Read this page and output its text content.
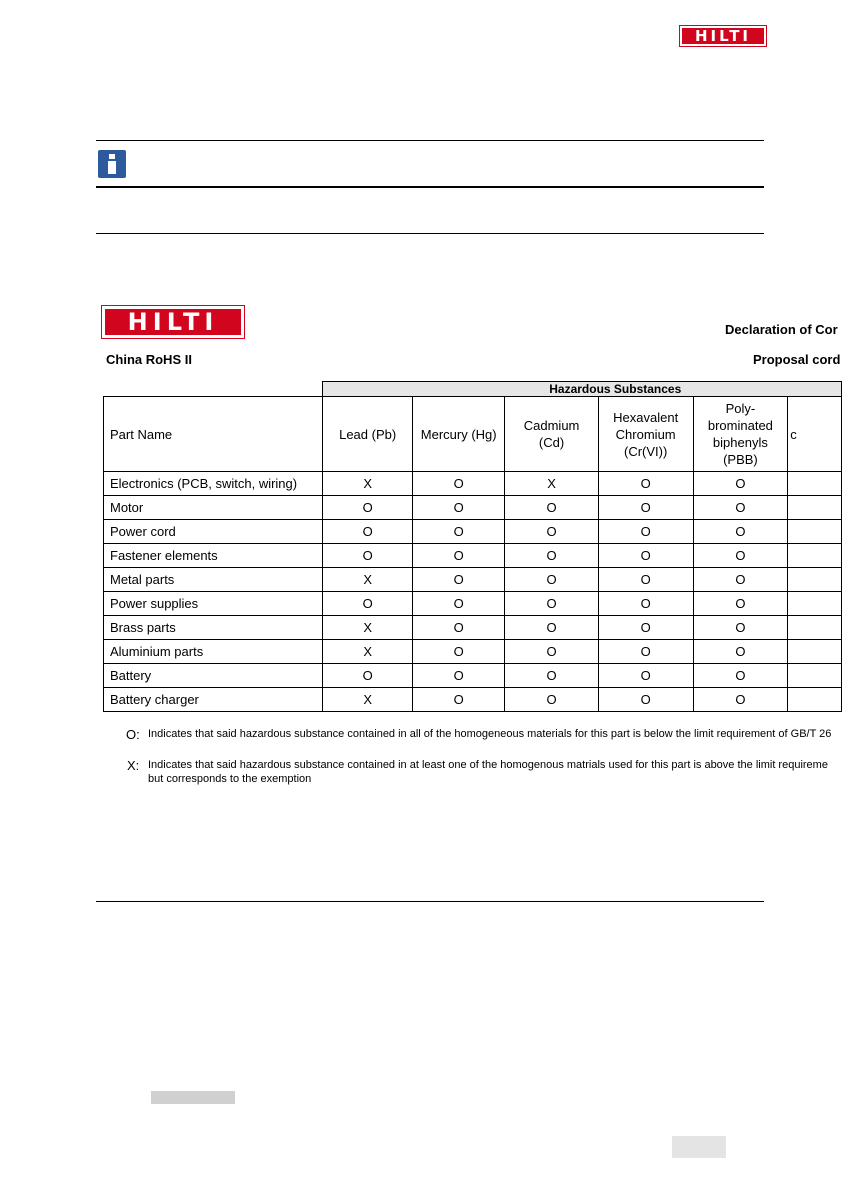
HILTI
HILTI	Declaration of Cor
China RoHS II	Proposal cord
	Hazardous Substances					
Part Name	Lead (Pb)	Mercury (Hg)	Cadmium (Cd)	Hexavalent Chromium (Cr(VI))	Poly-brominated biphenyls (PBB)	c
Electronics (PCB, switch, wiring)	X	O	X	O	O	
Motor	O	O	O	O	O	
Power cord	O	O	O	O	O	
Fastener elements	O	O	O	O	O	
Metal parts	X	O	O	O	O	
Power supplies	O	O	O	O	O	
Brass parts	X	O	O	O	O	
Aluminium parts	X	O	O	O	O	
Battery	O	O	O	O	O	
Battery charger	X	O	O	O	O	
O: Indicates that said hazardous substance contained in all of the homogeneous materials for this part is below the limit requirement of GB/T 26
X: Indicates that said hazardous substance contained in at least one of the homogenous matrials used for this part is above the limit requireme
but corresponds to the exemption
